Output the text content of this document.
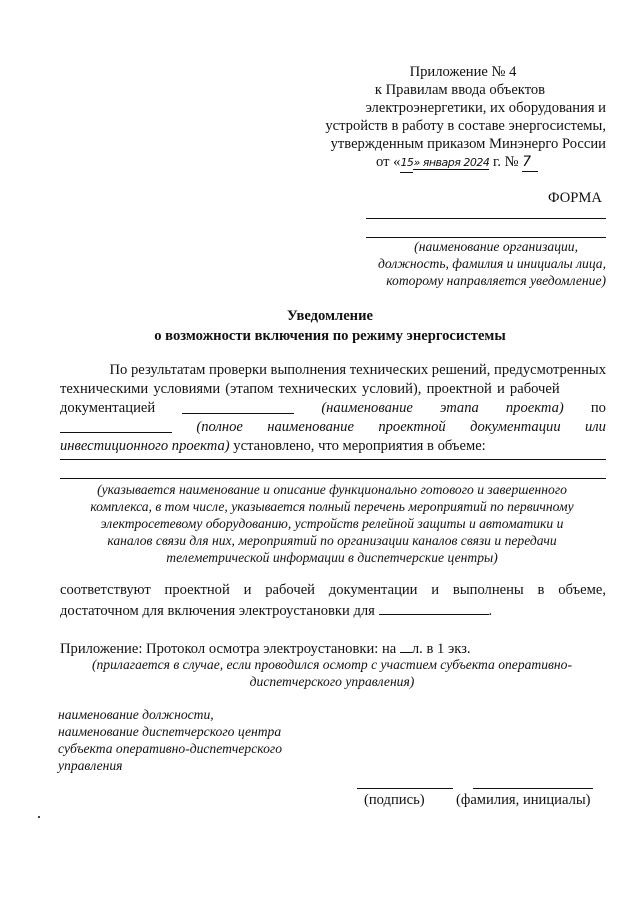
Приложение № 4
к Правилам ввода объектов
электроэнергетики, их оборудования и
устройств в работу в составе энергосистемы,
утвержденным приказом Минэнерго России
от «15» января 2024 г. № 7
ФОРМА
(наименование организации,
должность, фамилия и инициалы лица,
которому направляется уведомление)
Уведомление
о возможности включения по режиму энергосистемы
По результатам проверки выполнения технических решений, предусмотренных
техническими условиями (этапом технических условий), проектной и рабочей
документацией	(наименование этапа проекта) по
(полное наименование проектной документации или
инвестиционного проекта) установлено, что мероприятия в объеме:
(указывается наименование и описание функционально готового и завершенного
комплекса, в том числе, указывается полный перечень мероприятий по первичному
электросетевому оборудованию, устройств релейной защиты и автоматики и
каналов связи для них, мероприятий по организации каналов связи и передачи
телеметрической информации в диспетчерские центры)
соответствуют проектной и рабочей документации и выполнены в объеме,
достаточном для включения электроустановки для	.
Приложение: Протокол осмотра электроустановки: на л. в 1 экз.
(прилагается в случае, если проводился осмотр с участием субъекта оперативно-
диспетчерского управления)
наименование должности,
наименование диспетчерского центра
субъекта оперативно-диспетчерского
управления
(подпись) (фамилия, инициалы)
